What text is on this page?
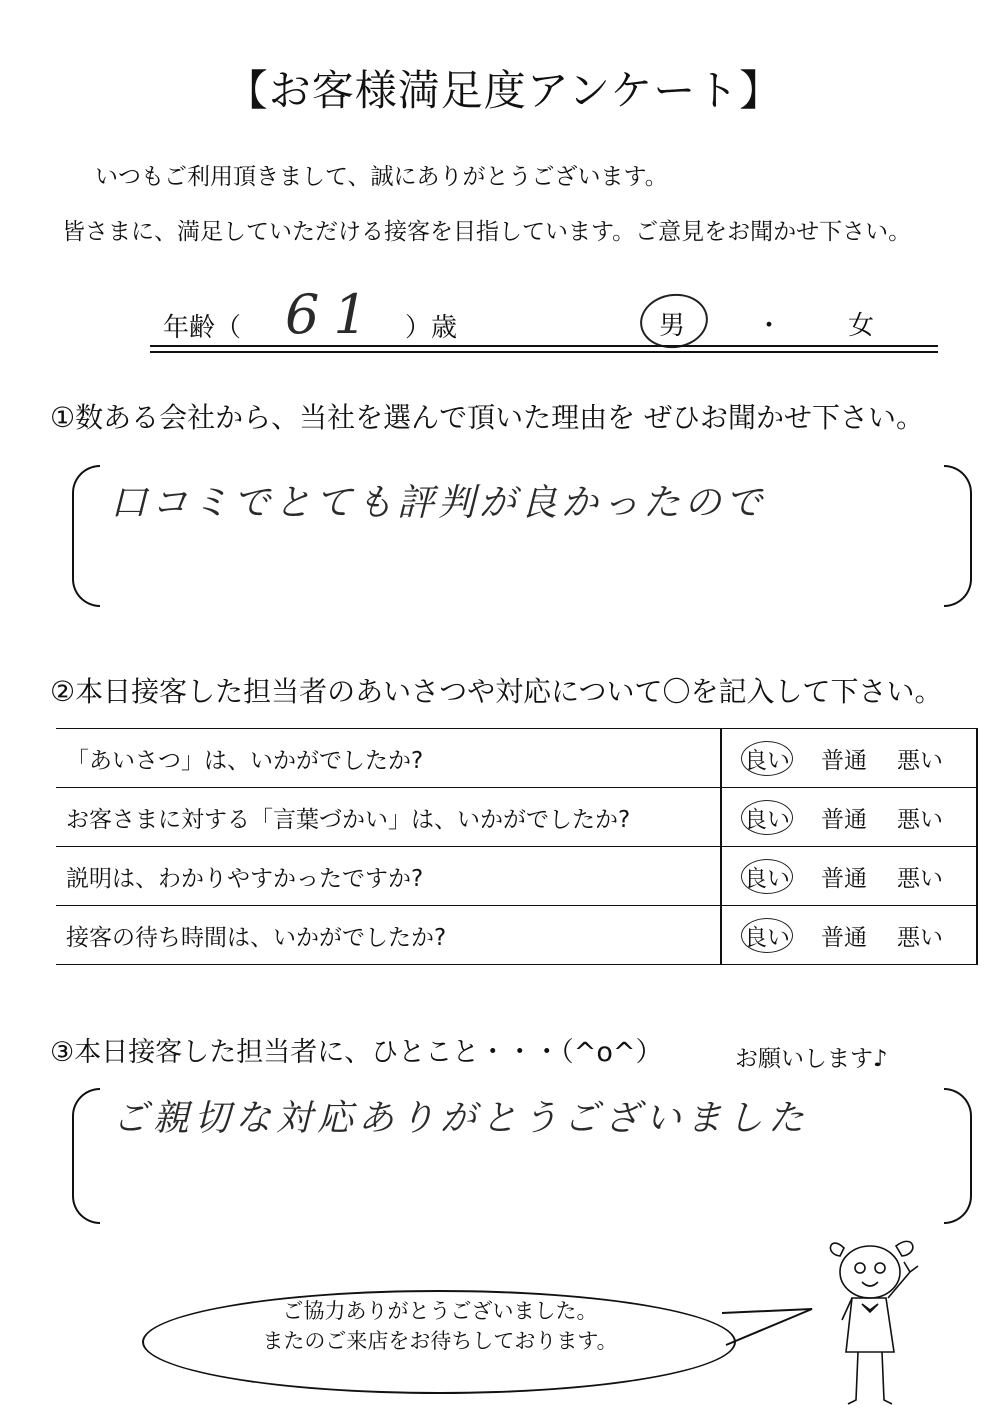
【お客様満足度アンケート】
いつもご利用頂きまして、誠にありがとうございます。
皆さまに、満足していただける接客を目指しています。ご意見をお聞かせ下さい。
年齢（ 61 ）歳	男	・	女
①数ある会社から、当社を選んで頂いた理由を ぜひお聞かせ下さい。
口コミでとても評判が良かったので
②本日接客した担当者のあいさつや対応について〇を記入して下さい。
「あいさつ」は、いかがでしたか?	良い 普通 悪い
お客さまに対する「言葉づかい」は、いかがでしたか?	良い 普通 悪い
説明は、わかりやすかったですか?	良い 普通 悪い
接客の待ち時間は、いかがでしたか?	良い 普通 悪い
③本日接客した担当者に、ひとこと・・・（^o^）	お願いします♪
ご親切な対応ありがとうございました
ご協力ありがとうございました。
またのご来店をお待ちしております。
